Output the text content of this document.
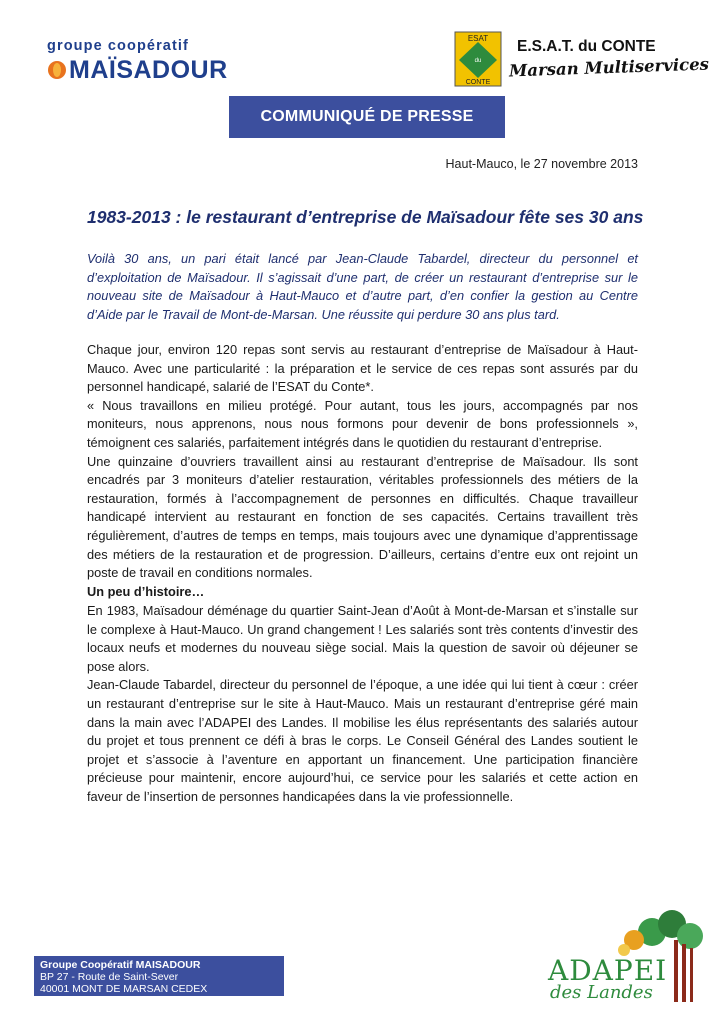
groupe coopératif
MAÏSADOUR
ESAT
du
CONTE
E.S.A.T. du CONTE
Marsan Multiservices
COMMUNIQUÉ DE PRESSE
Haut-Mauco, le 27 novembre 2013
1983-2013 : le restaurant d’entreprise de Maïsadour fête ses 30 ans
Voilà 30 ans, un pari était lancé par Jean-Claude Tabardel, directeur du personnel et d’exploitation de Maïsadour. Il s’agissait d’une part, de créer un restaurant d’entreprise sur le nouveau site de Maïsadour à Haut-Mauco et d’autre part, d’en confier la gestion au Centre d’Aide par le Travail de Mont-de-Marsan. Une réussite qui perdure 30 ans plus tard.

Chaque jour, environ 120 repas sont servis au restaurant d’entreprise de Maïsadour à Haut-Mauco. Avec une particularité : la préparation et le service de ces repas sont assurés par du personnel handicapé, salarié de l’ESAT du Conte*.

« Nous travaillons en milieu protégé. Pour autant, tous les jours, accompagnés par nos moniteurs, nous apprenons, nous nous formons pour devenir de bons professionnels », témoignent ces salariés, parfaitement intégrés dans le quotidien du restaurant d’entreprise.

Une quinzaine d’ouvriers travaillent ainsi au restaurant d’entreprise de Maïsadour. Ils sont encadrés par 3 moniteurs d’atelier restauration, véritables professionnels des métiers de la restauration, formés à l’accompagnement de personnes en difficultés. Chaque travailleur handicapé intervient au restaurant en fonction de ses capacités. Certains travaillent très régulièrement, d’autres de temps en temps, mais toujours avec une dynamique d’apprentissage des métiers de la restauration et de progression. D’ailleurs, certains d’entre eux ont rejoint un poste de travail en conditions normales.

Un peu d’histoire…

En 1983, Maïsadour déménage du quartier Saint-Jean d’Août à Mont-de-Marsan et s’installe sur le complexe à Haut-Mauco. Un grand changement ! Les salariés sont très contents d’investir des locaux neufs et modernes du nouveau siège social. Mais la question de savoir où déjeuner se pose alors.

Jean-Claude Tabardel, directeur du personnel de l’époque, a une idée qui lui tient à cœur : créer un restaurant d’entreprise sur le site à Haut-Mauco. Mais un restaurant d’entreprise géré main dans la main avec l’ADAPEI des Landes. Il mobilise les élus représentants des salariés autour du projet et tous prennent ce défi à bras le corps. Le Conseil Général des Landes soutient le projet et s’associe à l’aventure en apportant un financement. Une participation financière précieuse pour maintenir, encore aujourd’hui, ce service pour les salariés et cette action en faveur de l’insertion de personnes handicapées dans la vie professionnelle.

Groupe Coopératif MAISADOUR
BP 27 - Route de Saint-Sever
40001 MONT DE MARSAN CEDEX
ADAPEI
des Landes
